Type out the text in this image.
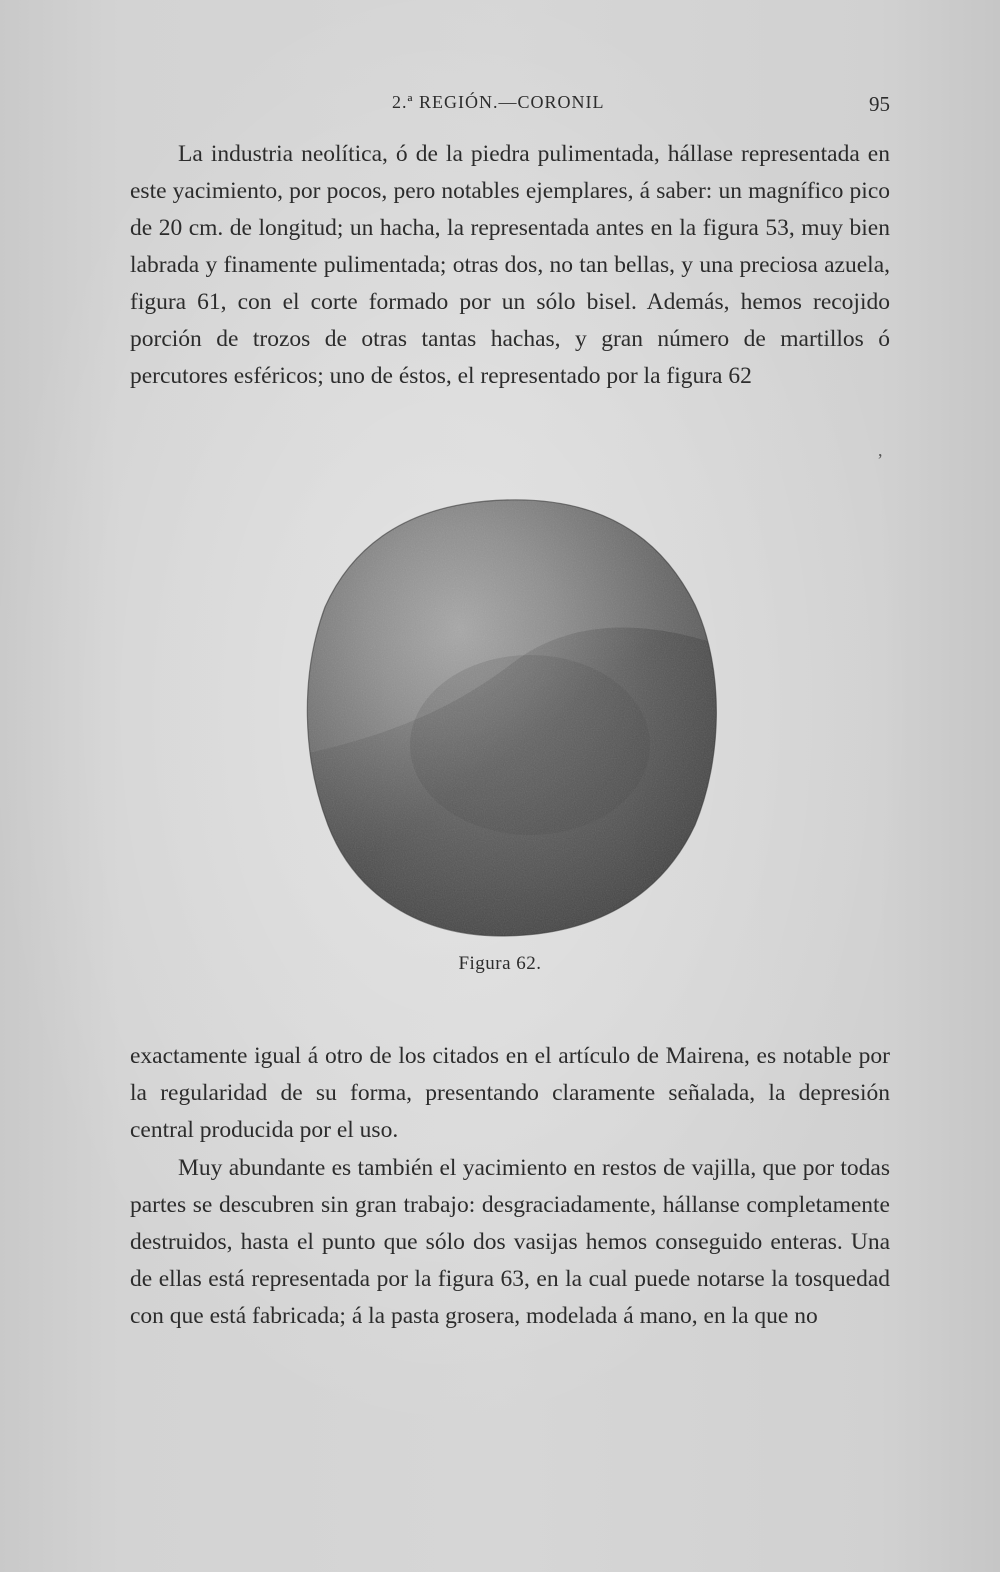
2.ª REGIÓN.—CORONIL	95

La industria neolítica, ó de la piedra pulimentada, hállase representada en este yacimiento, por pocos, pero notables ejemplares, á saber: un magnífico pico de 20 cm. de longitud; un hacha, la representada antes en la figura 53, muy bien labrada y finamente pulimentada; otras dos, no tan bellas, y una preciosa azuela, figura 61, con el corte formado por un sólo bisel. Además, hemos recojido porción de trozos de otras tantas hachas, y gran número de martillos ó percutores esféricos; uno de éstos, el representado por la figura 62

,
Figura 62.

exactamente igual á otro de los citados en el artículo de Mairena, es notable por la regularidad de su forma, presentando claramente señalada, la depresión central producida por el uso.

Muy abundante es también el yacimiento en restos de vajilla, que por todas partes se descubren sin gran trabajo: desgraciadamente, hállanse completamente destruidos, hasta el punto que sólo dos vasijas hemos conseguido enteras. Una de ellas está representada por la figura 63, en la cual puede notarse la tosquedad con que está fabricada; á la pasta grosera, modelada á mano, en la que no
